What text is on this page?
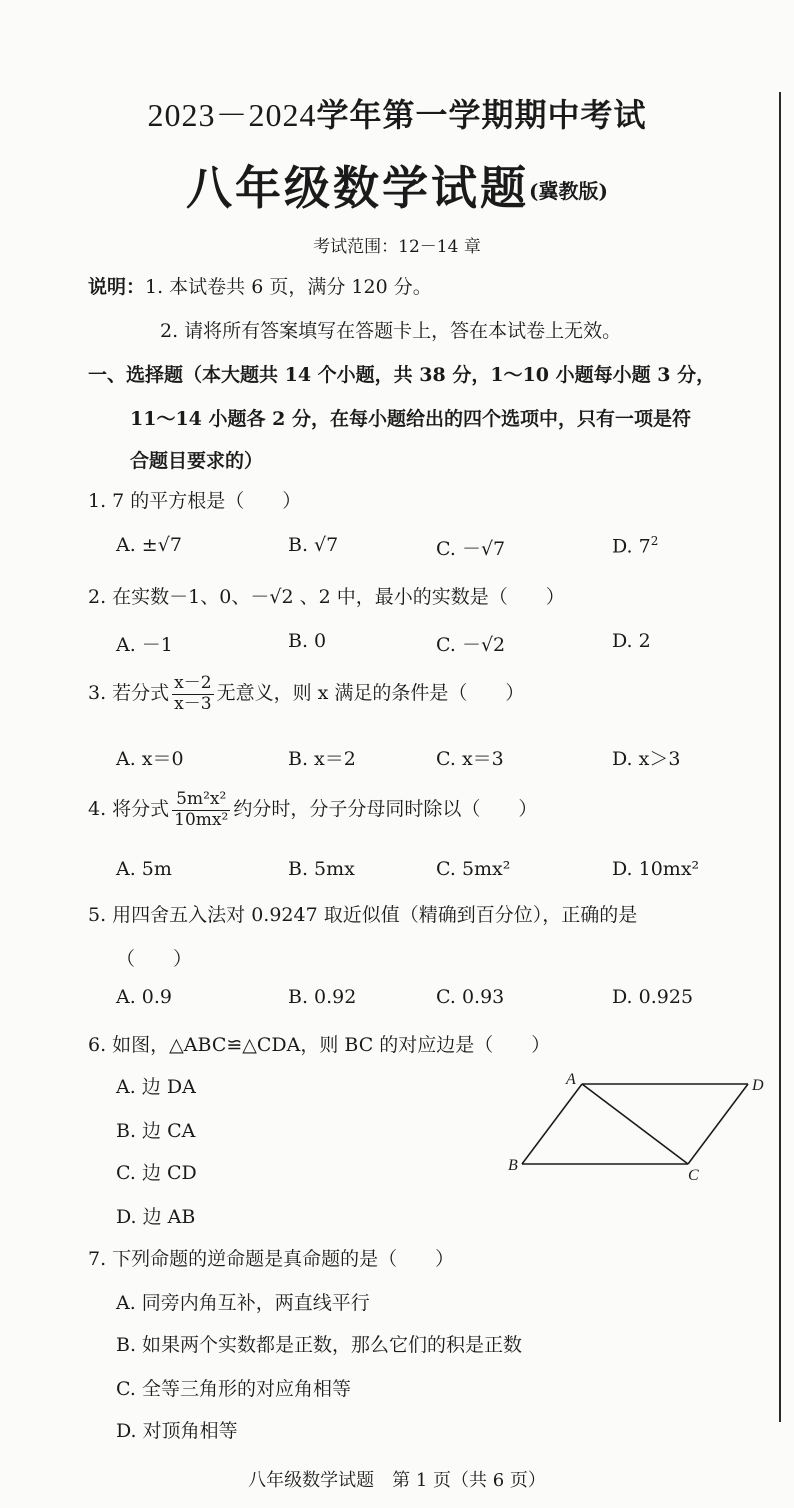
2023－2024学年第一学期期中考试
八年级数学试题(冀教版)
考试范围：12－14 章
说明：1. 本试卷共 6 页，满分 120 分。
2. 请将所有答案填写在答题卡上，答在本试卷上无效。
一、选择题（本大题共 14 个小题，共 38 分，1～10 小题每小题 3 分，
11～14 小题各 2 分，在每小题给出的四个选项中，只有一项是符
合题目要求的）
1. 7 的平方根是（　　）
A. ±√7	B. √7	C. －√7	D. $7^2$
2. 在实数－1、0、－√2 、2 中，最小的实数是（　　）
A. －1	B. 0	C. －√2	D. 2
3. 若分式 $\frac{x-2}{x-3}$ 无意义，则 x 满足的条件是（　　）
A. x＝0	B. x＝2	C. x＝3	D. x＞3
4. 将分式 $\frac{\text{5m²x²}}{\text{10mx²}}$ 约分时，分子分母同时除以（　　）
A. 5m	B. 5mx	C. 5mx²	D. 10mx²
5. 用四舍五入法对 0.9247 取近似值（精确到百分位），正确的是
（　　）
A. 0.9	B. 0.92	C. 0.93	D. 0.925
6. 如图，△ABC≌△CDA，则 BC 的对应边是（　　）
A. 边 DA
B. 边 CA
C. 边 CD
D. 边 AB
A	D
B
C
7. 下列命题的逆命题是真命题的是（　　）
A. 同旁内角互补，两直线平行
B. 如果两个实数都是正数，那么它们的积是正数
C. 全等三角形的对应角相等
D. 对顶角相等
八年级数学试题　第 1 页（共 6 页）
